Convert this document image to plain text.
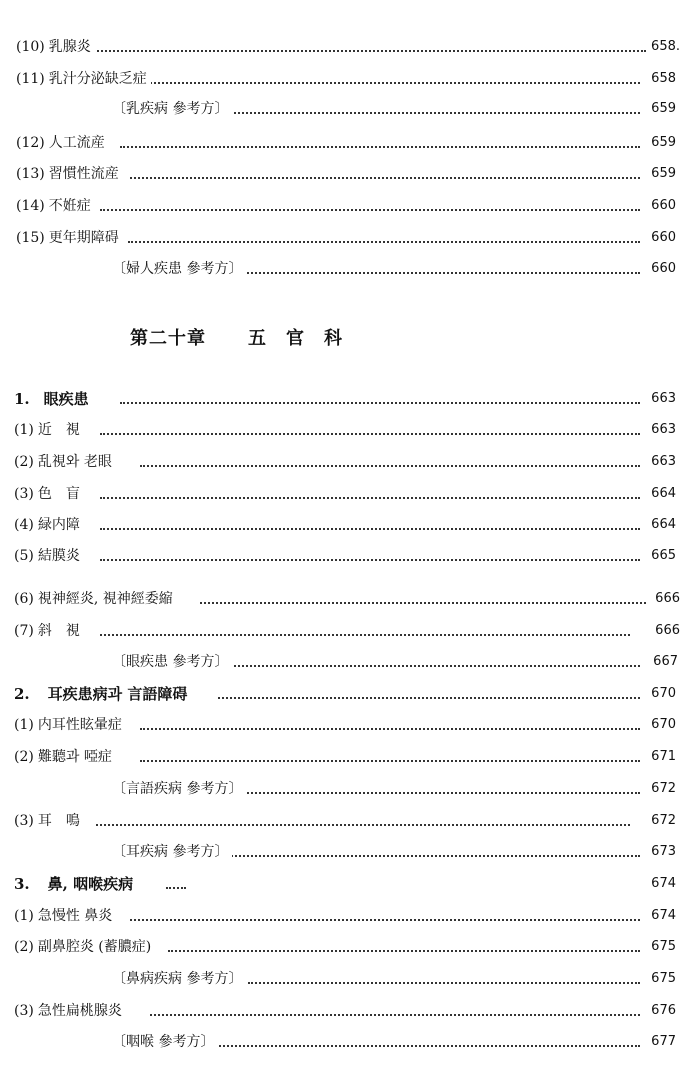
(10) 乳腺炎	658.
(11) 乳汁分泌缺乏症	658
〔乳疾病 參考方〕	659
(12) 人工流産	659
(13) 習慣性流産	659
(14) 不姙症	660
(15) 更年期障碍	660
〔婦人疾患 參考方〕	660
第二十章 五　官　科
1. 眼疾患	663
(1) 近　視	663
(2) 乱視와 老眼	663
(3) 色　盲	664
(4) 緑内障	664
(5) 結膜炎	665
(6) 視神經炎, 視神經委縮	666
(7) 斜　視	666
〔眼疾患 參考方〕	667
2. 耳疾患病과 言語障碍	670
(1) 内耳性眩暈症	670
(2) 難聽과 啞症	671
〔言語疾病 參考方〕	672
(3) 耳　鳴	672
〔耳疾病 參考方〕	673
3. 鼻, 咽喉疾病	674
(1) 急慢性 鼻炎	674
(2) 副鼻腔炎 (蓄膿症)	675
〔鼻病疾病 參考方〕	675
(3) 急性扁桃腺炎	676
〔咽喉 參考方〕	677
